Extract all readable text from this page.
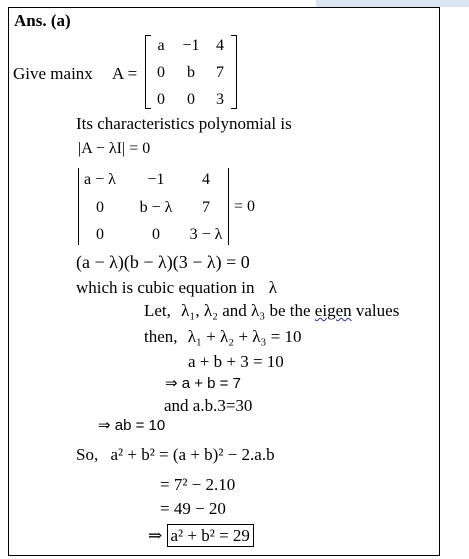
Ans. (a)
Give mainx A =
a	−1	4
0	b	7
0	0	3
Its characteristics polynomial is
|A − λI| = 0
a − λ	−1	4
0	b − λ	7
0	0	3 − λ
= 0
(a − λ)(b − λ)(3 − λ) = 0
which is cubic equation in λ
Let, λ₁, λ₂ and λ₃ be the eigen values
then, λ₁ + λ₂ + λ₃ = 10
a + b + 3 = 10
⇒ a + b = 7
and a.b.3=30
⇒ ab = 10
So, a² + b² = (a + b)² − 2.a.b
= 7² − 2.10
= 49 − 20
⇒ a² + b² = 29
